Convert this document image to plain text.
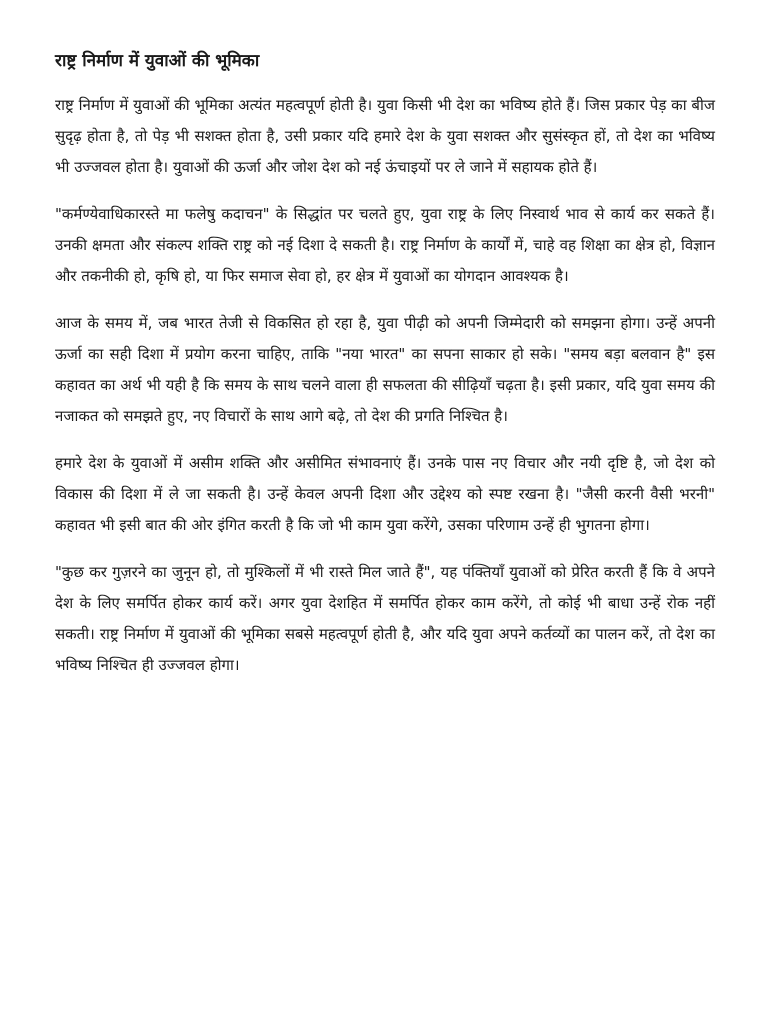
राष्ट्र निर्माण में युवाओं की भूमिका

राष्ट्र निर्माण में युवाओं की भूमिका अत्यंत महत्वपूर्ण होती है। युवा किसी भी देश का भविष्य होते हैं। जिस प्रकार पेड़ का बीज सुदृढ़ होता है, तो पेड़ भी सशक्त होता है, उसी प्रकार यदि हमारे देश के युवा सशक्त और सुसंस्कृत हों, तो देश का भविष्य भी उज्जवल होता है। युवाओं की ऊर्जा और जोश देश को नई ऊंचाइयों पर ले जाने में सहायक होते हैं।

"कर्मण्येवाधिकारस्ते मा फलेषु कदाचन" के सिद्धांत पर चलते हुए, युवा राष्ट्र के लिए निस्वार्थ भाव से कार्य कर सकते हैं। उनकी क्षमता और संकल्प शक्ति राष्ट्र को नई दिशा दे सकती है। राष्ट्र निर्माण के कार्यों में, चाहे वह शिक्षा का क्षेत्र हो, विज्ञान और तकनीकी हो, कृषि हो, या फिर समाज सेवा हो, हर क्षेत्र में युवाओं का योगदान आवश्यक है।

आज के समय में, जब भारत तेजी से विकसित हो रहा है, युवा पीढ़ी को अपनी जिम्मेदारी को समझना होगा। उन्हें अपनी ऊर्जा का सही दिशा में प्रयोग करना चाहिए, ताकि "नया भारत" का सपना साकार हो सके। "समय बड़ा बलवान है" इस कहावत का अर्थ भी यही है कि समय के साथ चलने वाला ही सफलता की सीढ़ियाँ चढ़ता है। इसी प्रकार, यदि युवा समय की नजाकत को समझते हुए, नए विचारों के साथ आगे बढ़े, तो देश की प्रगति निश्चित है।

हमारे देश के युवाओं में असीम शक्ति और असीमित संभावनाएं हैं। उनके पास नए विचार और नयी दृष्टि है, जो देश को विकास की दिशा में ले जा सकती है। उन्हें केवल अपनी दिशा और उद्देश्य को स्पष्ट रखना है। "जैसी करनी वैसी भरनी" कहावत भी इसी बात की ओर इंगित करती है कि जो भी काम युवा करेंगे, उसका परिणाम उन्हें ही भुगतना होगा।

"कुछ कर गुज़रने का जुनून हो, तो मुश्किलों में भी रास्ते मिल जाते हैं", यह पंक्तियाँ युवाओं को प्रेरित करती हैं कि वे अपने देश के लिए समर्पित होकर कार्य करें। अगर युवा देशहित में समर्पित होकर काम करेंगे, तो कोई भी बाधा उन्हें रोक नहीं सकती। राष्ट्र निर्माण में युवाओं की भूमिका सबसे महत्वपूर्ण होती है, और यदि युवा अपने कर्तव्यों का पालन करें, तो देश का भविष्य निश्चित ही उज्जवल होगा।
